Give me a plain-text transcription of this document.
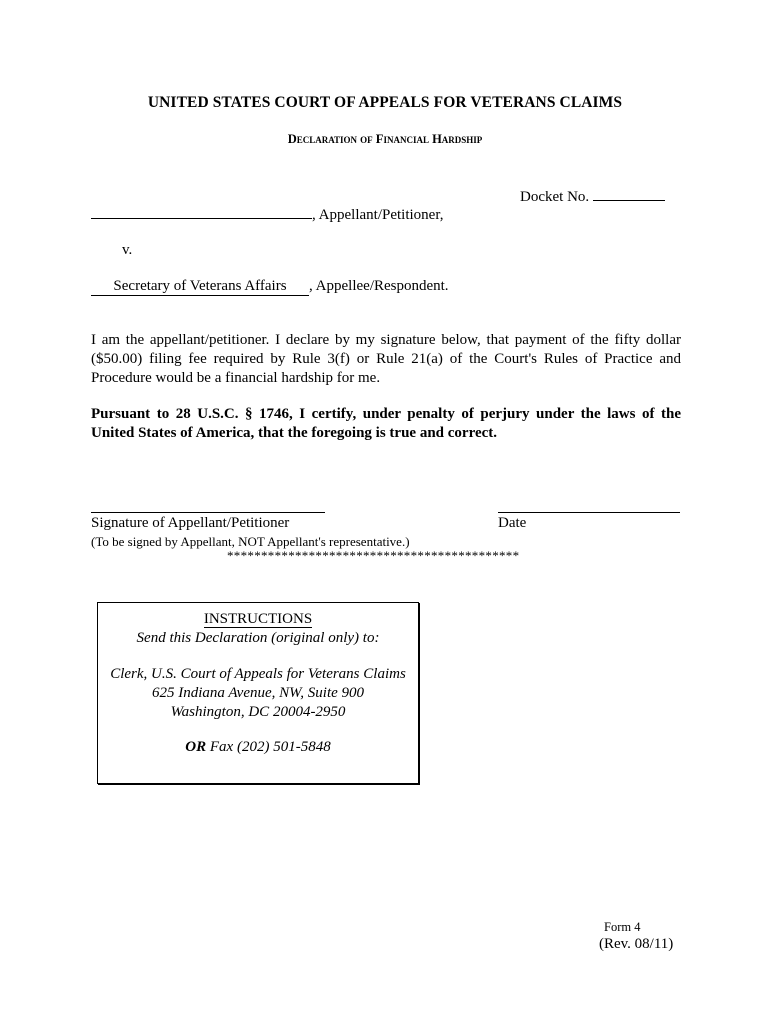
UNITED STATES COURT OF APPEALS FOR VETERANS CLAIMS
Declaration of Financial Hardship
Docket No.
, Appellant/Petitioner,
v.
Secretary of Veterans Affairs , Appellee/Respondent.
I am the appellant/petitioner. I declare by my signature below, that payment of the fifty dollar ($50.00) filing fee required by Rule 3(f) or Rule 21(a) of the Court's Rules of Practice and Procedure would be a financial hardship for me.
Pursuant to 28 U.S.C. § 1746, I certify, under penalty of perjury under the laws of the United States of America, that the foregoing is true and correct.
Signature of Appellant/Petitioner	Date
(To be signed by Appellant, NOT Appellant's representative.)
*******************************************
INSTRUCTIONS
Send this Declaration (original only) to:
Clerk, U.S. Court of Appeals for Veterans Claims
625 Indiana Avenue, NW, Suite 900
Washington, DC 20004-2950
OR Fax (202) 501-5848
Form 4
(Rev. 08/11)
